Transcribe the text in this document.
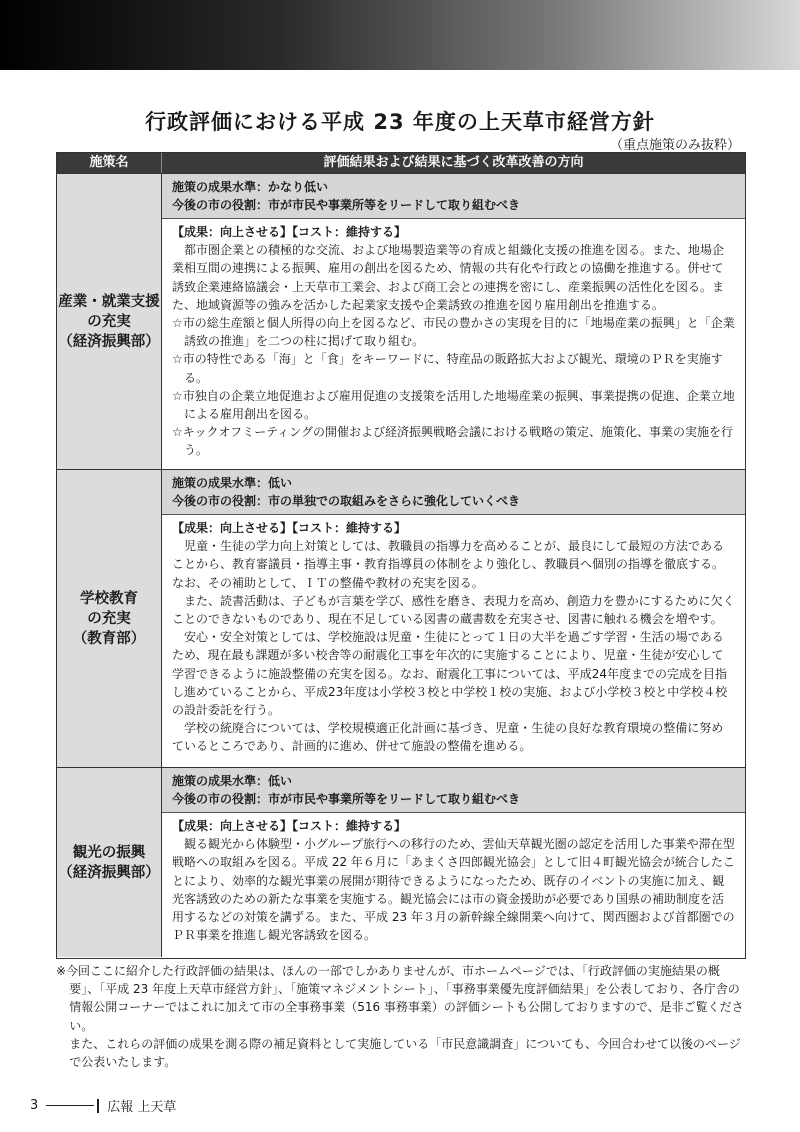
行政評価における平成 23 年度の上天草市経営方針
（重点施策のみ抜粋）
施策名	評価結果および結果に基づく改革改善の方向
産業・就業支援
の充実
（経済振興部）
施策の成果水準：かなり低い
今後の市の役割：市が市民や事業所等をリードして取り組むべき

【成果：向上させる】【コスト：維持する】

都市圏企業との積極的な交流、および地場製造業等の育成と組織化支援の推進を図る。また、地場企業相互間の連携による振興、雇用の創出を図るため、情報の共有化や行政との協働を推進する。併せて誘致企業連絡協議会・上天草市工業会、および商工会との連携を密にし、産業振興の活性化を図る。また、地域資源等の強みを活かした起業家支援や企業誘致の推進を図り雇用創出を推進する。

☆市の総生産額と個人所得の向上を図るなど、市民の豊かさの実現を目的に「地場産業の振興」と「企業誘致の推進」を二つの柱に掲げて取り組む。

☆市の特性である「海」と「食」をキーワードに、特産品の販路拡大および観光、環境のＰＲを実施する。

☆市独自の企業立地促進および雇用促進の支援策を活用した地場産業の振興、事業提携の促進、企業立地による雇用創出を図る。

☆キックオフミーティングの開催および経済振興戦略会議における戦略の策定、施策化、事業の実施を行う。

学校教育
の充実
（教育部）
施策の成果水準：低い
今後の市の役割：市の単独での取組みをさらに強化していくべき

【成果：向上させる】【コスト：維持する】

児童・生徒の学力向上対策としては、教職員の指導力を高めることが、最良にして最短の方法であることから、教育審議員・指導主事・教育指導員の体制をより強化し、教職員へ個別の指導を徹底する。なお、その補助として、ＩＴの整備や教材の充実を図る。

また、読書活動は、子どもが言葉を学び、感性を磨き、表現力を高め、創造力を豊かにするために欠くことのできないものであり、現在不足している図書の蔵書数を充実させ、図書に触れる機会を増やす。

安心・安全対策としては、学校施設は児童・生徒にとって１日の大半を過ごす学習・生活の場であるため、現在最も課題が多い校舎等の耐震化工事を年次的に実施することにより、児童・生徒が安心して学習できるように施設整備の充実を図る。なお、耐震化工事については、平成24年度までの完成を目指し進めていることから、平成23年度は小学校３校と中学校１校の実施、および小学校３校と中学校４校の設計委託を行う。

学校の統廃合については、学校規模適正化計画に基づき、児童・生徒の良好な教育環境の整備に努めているところであり、計画的に進め、併せて施設の整備を進める。

観光の振興
（経済振興部）
施策の成果水準：低い
今後の市の役割：市が市民や事業所等をリードして取り組むべき

【成果：向上させる】【コスト：維持する】

観る観光から体験型・小グループ旅行への移行のため、雲仙天草観光圏の認定を活用した事業や滞在型戦略への取組みを図る。平成 22 年６月に「あまくさ四郎観光協会」として旧４町観光協会が統合したことにより、効率的な観光事業の展開が期待できるようになったため、既存のイベントの実施に加え、観光客誘致のための新たな事業を実施する。観光協会には市の資金援助が必要であり国県の補助制度を活用するなどの対策を講ずる。また、平成 23 年３月の新幹線全線開業へ向けて、関西圏および首都圏でのＰＲ事業を推進し観光客誘致を図る。

※今回ここに紹介した行政評価の結果は、ほんの一部でしかありませんが、市ホームページでは、「行政評価の実施結果の概要」、「平成 23 年度上天草市経営方針」、「施策マネジメントシート」、「事務事業優先度評価結果」を公表しており、各庁舎の情報公開コーナーではこれに加えて市の全事務事業（516 事務事業）の評価シートも公開しておりますので、是非ご覧ください。

また、これらの評価の成果を測る際の補足資料として実施している「市民意識調査」についても、今回合わせて以後のページで公表いたします。

3	広報 上天草
